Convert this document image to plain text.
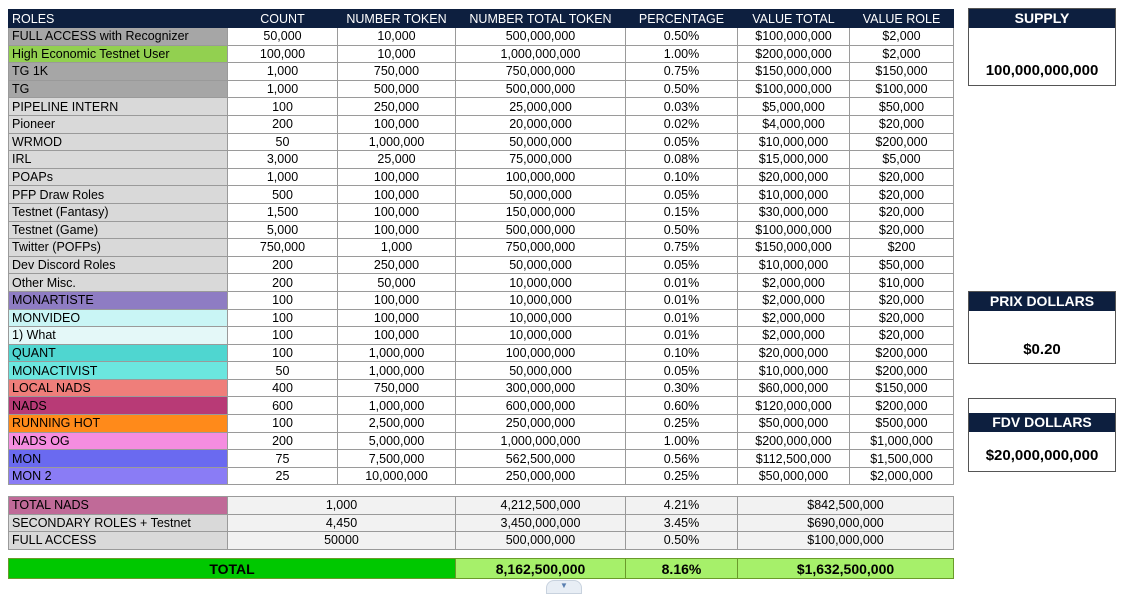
ROLES	COUNT	NUMBER TOKEN	NUMBER TOTAL TOKEN	PERCENTAGE	VALUE TOTAL	VALUE ROLE
FULL ACCESS with Recognizer	50,000	10,000	500,000,000	0.50%	$100,000,000	$2,000
High Economic Testnet User	100,000	10,000	1,000,000,000	1.00%	$200,000,000	$2,000
TG 1K	1,000	750,000	750,000,000	0.75%	$150,000,000	$150,000
TG	1,000	500,000	500,000,000	0.50%	$100,000,000	$100,000
PIPELINE INTERN	100	250,000	25,000,000	0.03%	$5,000,000	$50,000
Pioneer	200	100,000	20,000,000	0.02%	$4,000,000	$20,000
WRMOD	50	1,000,000	50,000,000	0.05%	$10,000,000	$200,000
IRL	3,000	25,000	75,000,000	0.08%	$15,000,000	$5,000
POAPs	1,000	100,000	100,000,000	0.10%	$20,000,000	$20,000
PFP Draw Roles	500	100,000	50,000,000	0.05%	$10,000,000	$20,000
Testnet (Fantasy)	1,500	100,000	150,000,000	0.15%	$30,000,000	$20,000
Testnet (Game)	5,000	100,000	500,000,000	0.50%	$100,000,000	$20,000
Twitter (POFPs)	750,000	1,000	750,000,000	0.75%	$150,000,000	$200
Dev Discord Roles	200	250,000	50,000,000	0.05%	$10,000,000	$50,000
Other Misc.	200	50,000	10,000,000	0.01%	$2,000,000	$10,000
MONARTISTE	100	100,000	10,000,000	0.01%	$2,000,000	$20,000
MONVIDEO	100	100,000	10,000,000	0.01%	$2,000,000	$20,000
1) What	100	100,000	10,000,000	0.01%	$2,000,000	$20,000
QUANT	100	1,000,000	100,000,000	0.10%	$20,000,000	$200,000
MONACTIVIST	50	1,000,000	50,000,000	0.05%	$10,000,000	$200,000
LOCAL NADS	400	750,000	300,000,000	0.30%	$60,000,000	$150,000
NADS	600	1,000,000	600,000,000	0.60%	$120,000,000	$200,000
RUNNING HOT	100	2,500,000	250,000,000	0.25%	$50,000,000	$500,000
NADS OG	200	5,000,000	1,000,000,000	1.00%	$200,000,000	$1,000,000
MON	75	7,500,000	562,500,000	0.56%	$112,500,000	$1,500,000
MON 2	25	10,000,000	250,000,000	0.25%	$50,000,000	$2,000,000
TOTAL NADS	1,000	4,212,500,000	4.21%	$842,500,000
SECONDARY ROLES + Testnet	4,450	3,450,000,000	3.45%	$690,000,000
FULL ACCESS	50000	500,000,000	0.50%	$100,000,000
TOTAL	8,162,500,000	8.16%	$1,632,500,000
SUPPLY
100,000,000,000
PRIX DOLLARS
$0.20
FDV DOLLARS
$20,000,000,000
▼
